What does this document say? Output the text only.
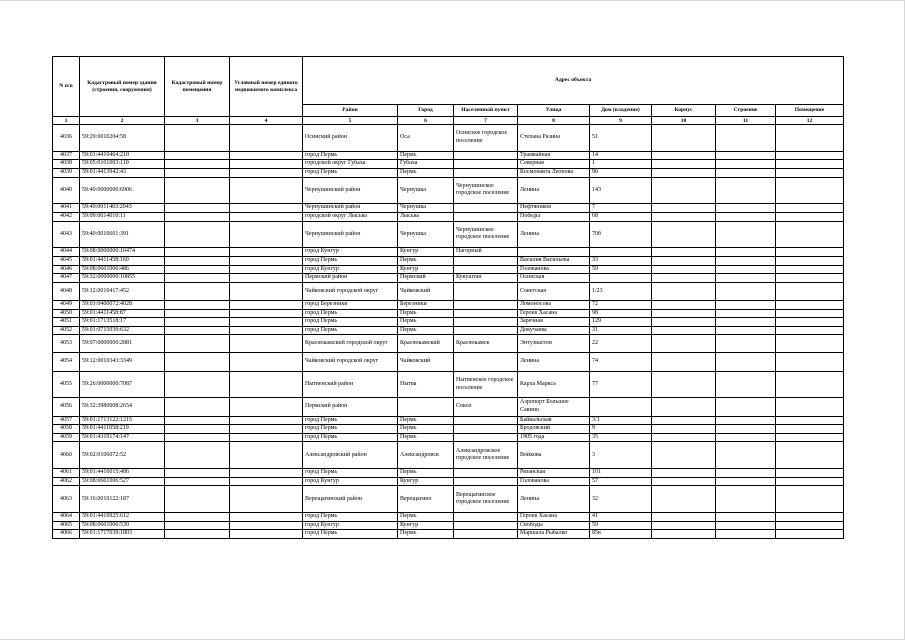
N п/п	Кадастровый номер здания (строения, сооружения)	Кадастровый номер помещения	Условный номер единого недвижимого комплекса	Адрес объекта							
				Район	Город	Населенный пункт	Улица	Дом (владение)	Корпус	Строение	Помещение
1	2	3	4	5	6	7	8	9	10	11	12
4036	59:29:0010204:58			Осинский район	Оса	Осинское городское поселение	Степана Разина	51			
4037	59:01:4410464:210			город Пермь	Пермь		Трамвайная	14			
4038	59:05:0101003:110			городской округ Губаха	Губаха		Северная	1			
4039	59:01:4413942:43			город Пермь	Пермь		Космонавта Леонова	90			
4040	59:40:0000000:6906			Чернушинский район	Чернушка	Чернушинское городское поселение	Ленина	143			
4041	59:40:0011403:2043			Чернушинский район	Чернушка		Нефтяников	7			
4042	59:09:0014010:11			городской округ Лысьва	Лысьва		Победы	68			
4043	59:40:0010601:391			Чернушинский район	Чернушка	Чернушинское городское поселение	Ленина	70б			
4044	59:08:0000000:10474			город Кунгур	Кунгур	Нагорный					
4045	59:01:4411458:160			город Пермь	Пермь		Василия Васильева	33			
4046	59:08:0601006:486			город Кунгур	Кунгур		Голованова	59			
4047	59:32:0000000:10855			Пермский район	Пермский	Кукуштан	Осинская				
4048	59:12:0010417:452			Чайковский городской округ	Чайковский		Советская	1/23			
4049	59:03:0400072:4028			город Березники	Березники		Ломоносова	72			
4050	59:01:4411458:87			город Пермь	Пермь		Героев Хасана	98			
4051	59:01:1713518:17			город Пермь	Пермь		Заречная	129			
4052	59:01:0715039:632			город Пермь	Пермь		Докучаева	31			
4053	59:07:0000000:2881			Краснокамский городской округ	Краснокамский	Краснокамск	Энтузиастов	22			
4054	59:12:0010343:3349			Чайковский городской округ	Чайковский		Ленина	74			
4055	59:26:0000000:7087			Нытвенский район	Нытва	Нытвенское городское поселение	Карла Маркса	77			
4056	59:32:3980008:2654			Пермский район		Сокол	Аэропорт Большое Савино				
4057	59:01:1713122:1215			город Пермь	Пермь		Байкальская	3/1			
4058	59:01:4411058:219			город Пермь	Пермь		Бродовский	9			
4059	59:01:4319174:147			город Пермь	Пермь		1905 года	35			
4060	59:02:0106072:52			Александровский район	Александровск	Александровское городское поселение	Войкова	3			
4061	59:01:4416015:486			город Пермь	Пермь		Рязанская	101			
4062	59:08:0601006:527			город Кунгур	Кунгур		Голованова	57			
4063	59:16:0010122:187			Верещагинский район	Верещагино	Верещагинское городское поселение	Ленина	32			
4064	59:01:4410925:612			город Пермь	Пермь		Героев Хасана	41			
4065	59:08:0601006:530			город Кунгур	Кунгур		Свободы	59			
4066	59:01:1717039:1803			город Пермь	Пермь		Маршала Рыбалко	85в			
